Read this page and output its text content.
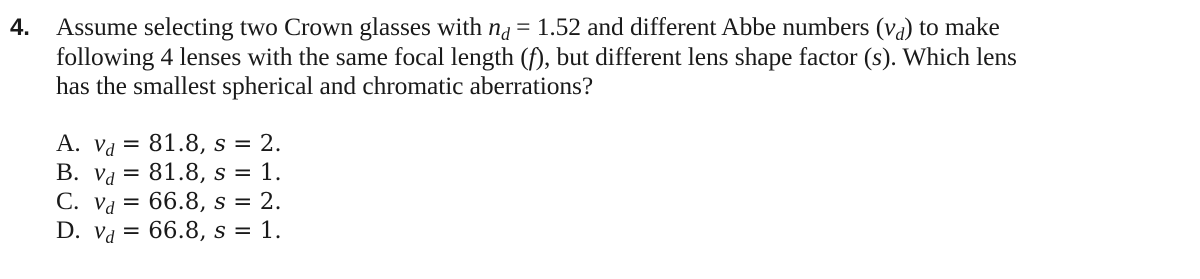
4. Assume selecting two Crown glasses with $n_d = 1.52$ and different Abbe numbers $(v_d)$ to make
following 4 lenses with the same focal length (f), but different lens shape factor (s). Which lens
has the smallest spherical and chromatic aberrations?
A. $v_d = 81.8$, s = 2.
B. $v_d = 81.8$, s = 1.
C. $v_d = 66.8$, s = 2.
D. $v_d = 66.8$, s = 1.
